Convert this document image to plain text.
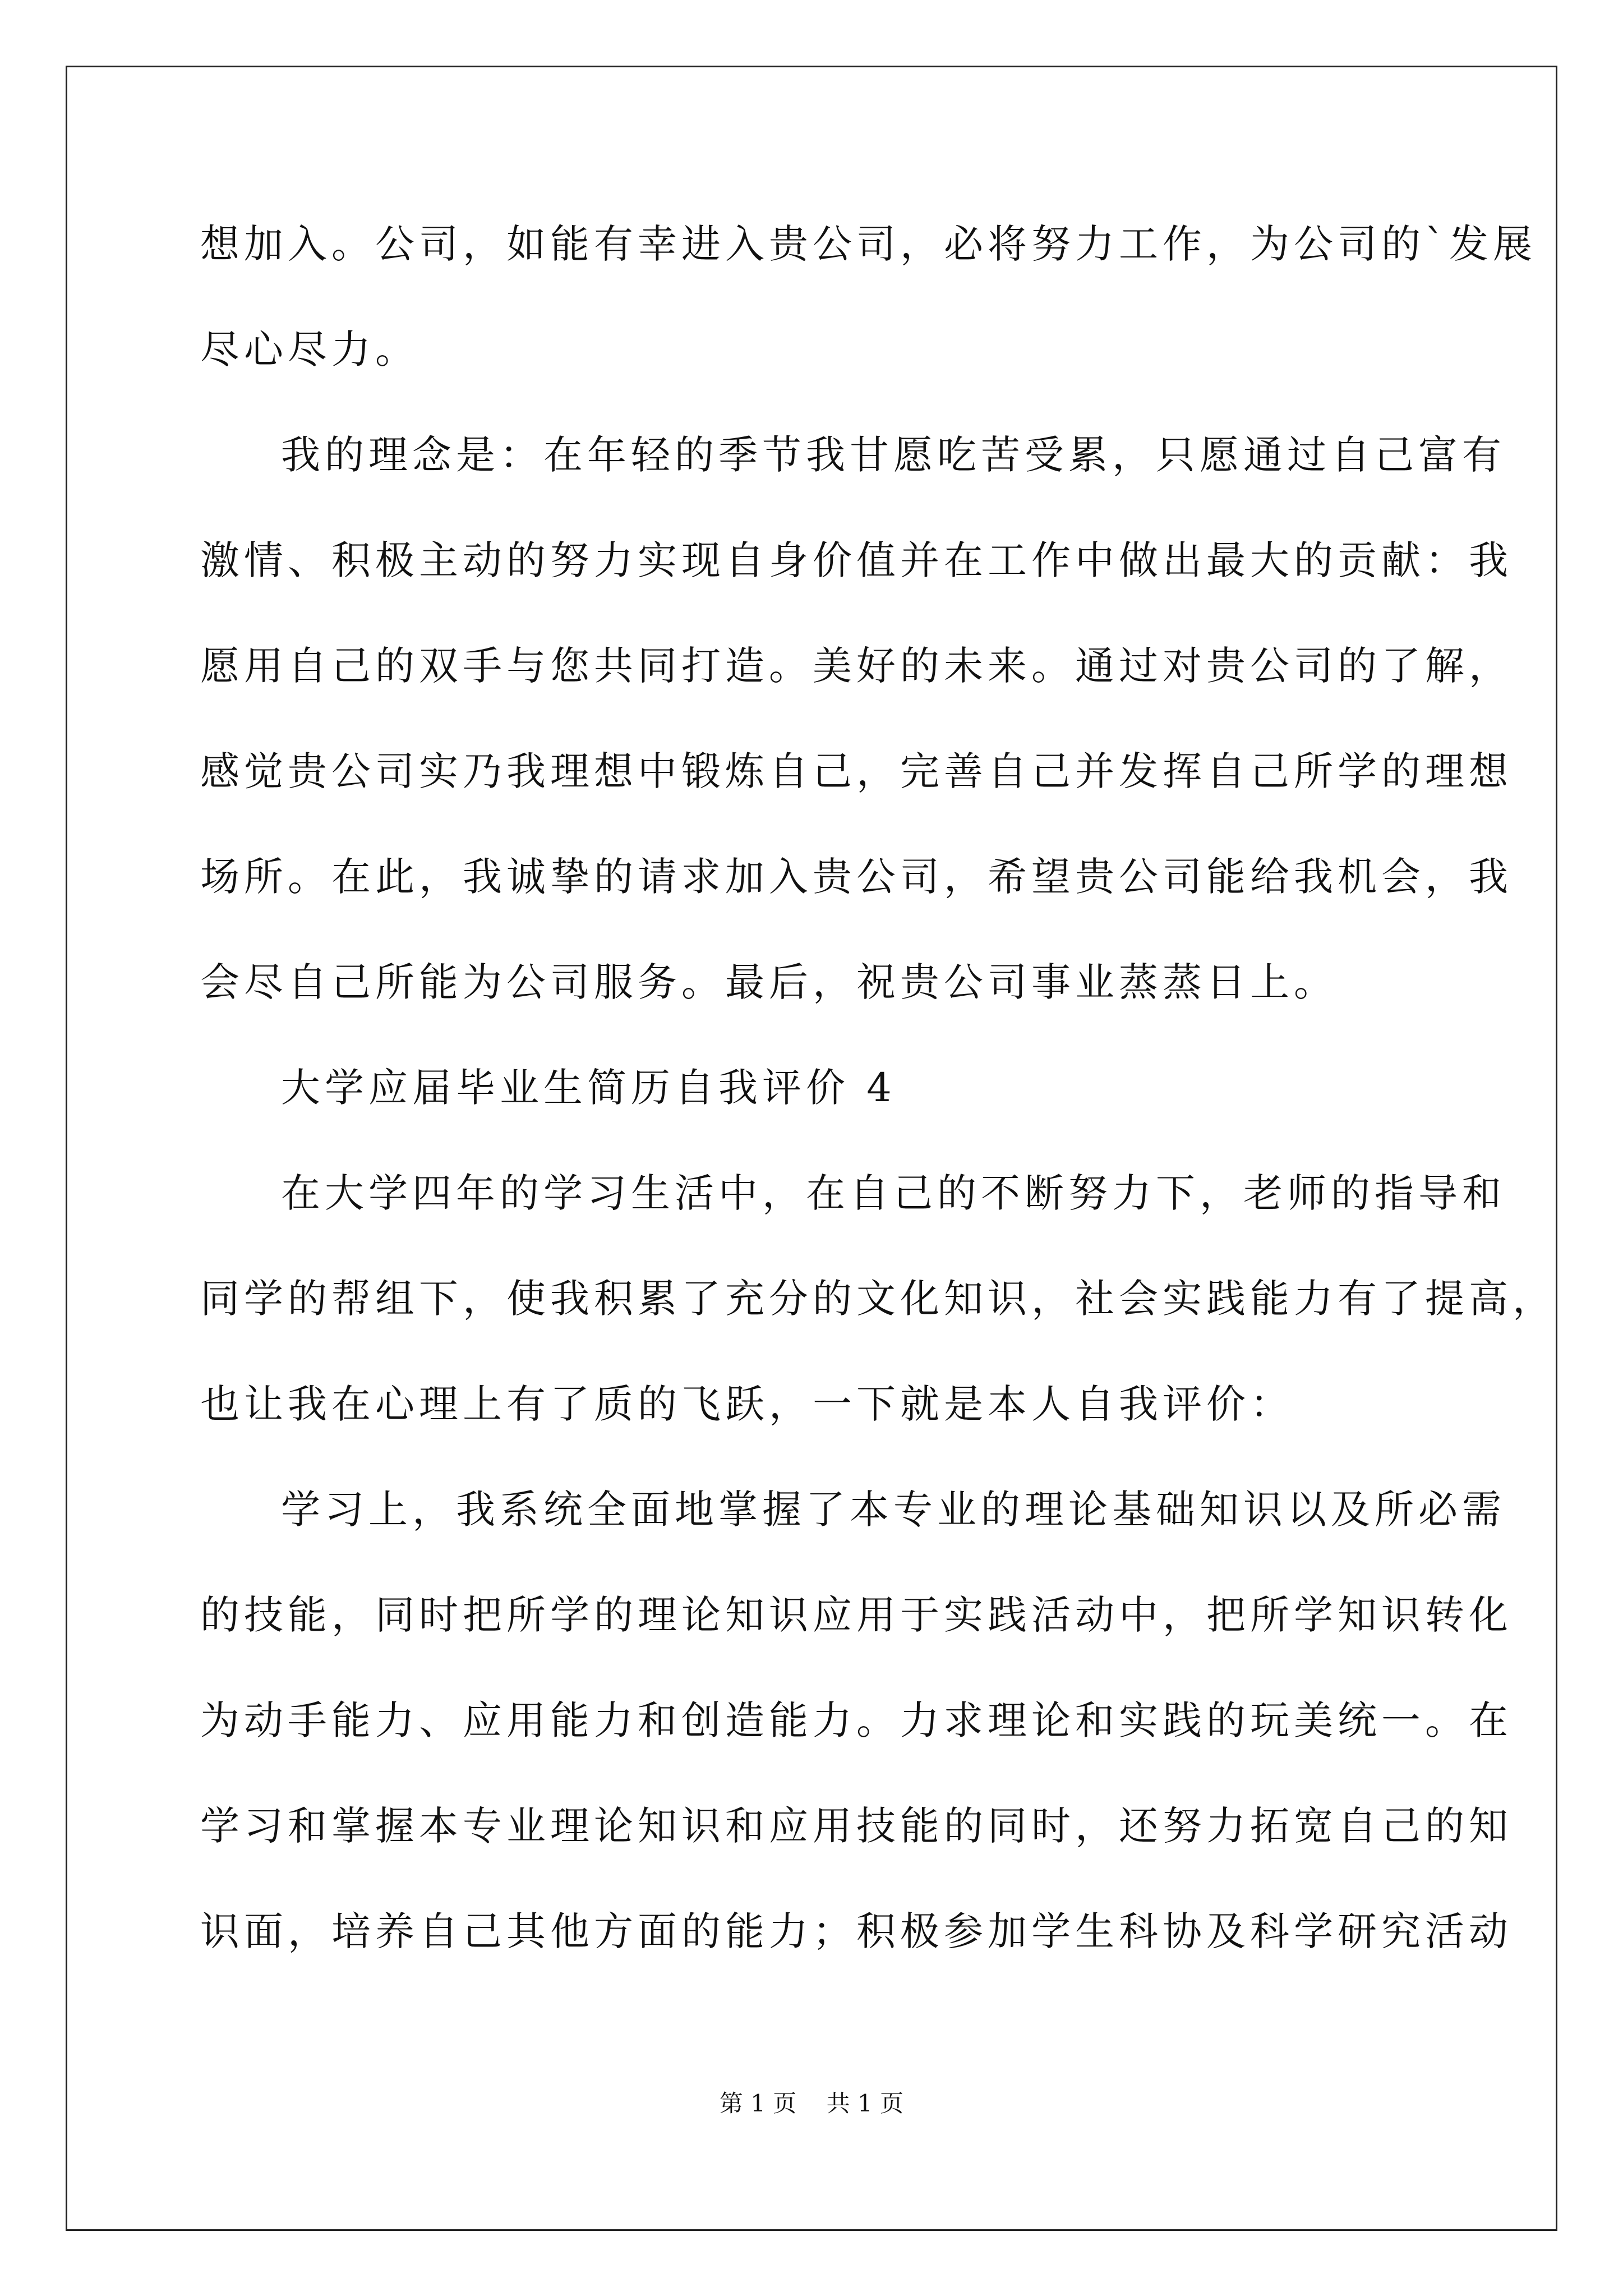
想加入。公司，如能有幸进入贵公司，必将努力工作，为公司的`发展
尽心尽力。
我的理念是：在年轻的季节我甘愿吃苦受累，只愿通过自己富有
激情、积极主动的努力实现自身价值并在工作中做出最大的贡献：我
愿用自己的双手与您共同打造。美好的未来。通过对贵公司的了解，
感觉贵公司实乃我理想中锻炼自己，完善自己并发挥自己所学的理想
场所。在此，我诚挚的请求加入贵公司，希望贵公司能给我机会，我
会尽自己所能为公司服务。最后，祝贵公司事业蒸蒸日上。
大学应届毕业生简历自我评价 4
在大学四年的学习生活中，在自己的不断努力下，老师的指导和
同学的帮组下，使我积累了充分的文化知识，社会实践能力有了提高，
也让我在心理上有了质的飞跃，一下就是本人自我评价：
学习上，我系统全面地掌握了本专业的理论基础知识以及所必需
的技能，同时把所学的理论知识应用于实践活动中，把所学知识转化
为动手能力、应用能力和创造能力。力求理论和实践的玩美统一。在
学习和掌握本专业理论知识和应用技能的同时，还努力拓宽自己的知
识面，培养自己其他方面的能力；积极参加学生科协及科学研究活动
第 1 页    共 1 页
